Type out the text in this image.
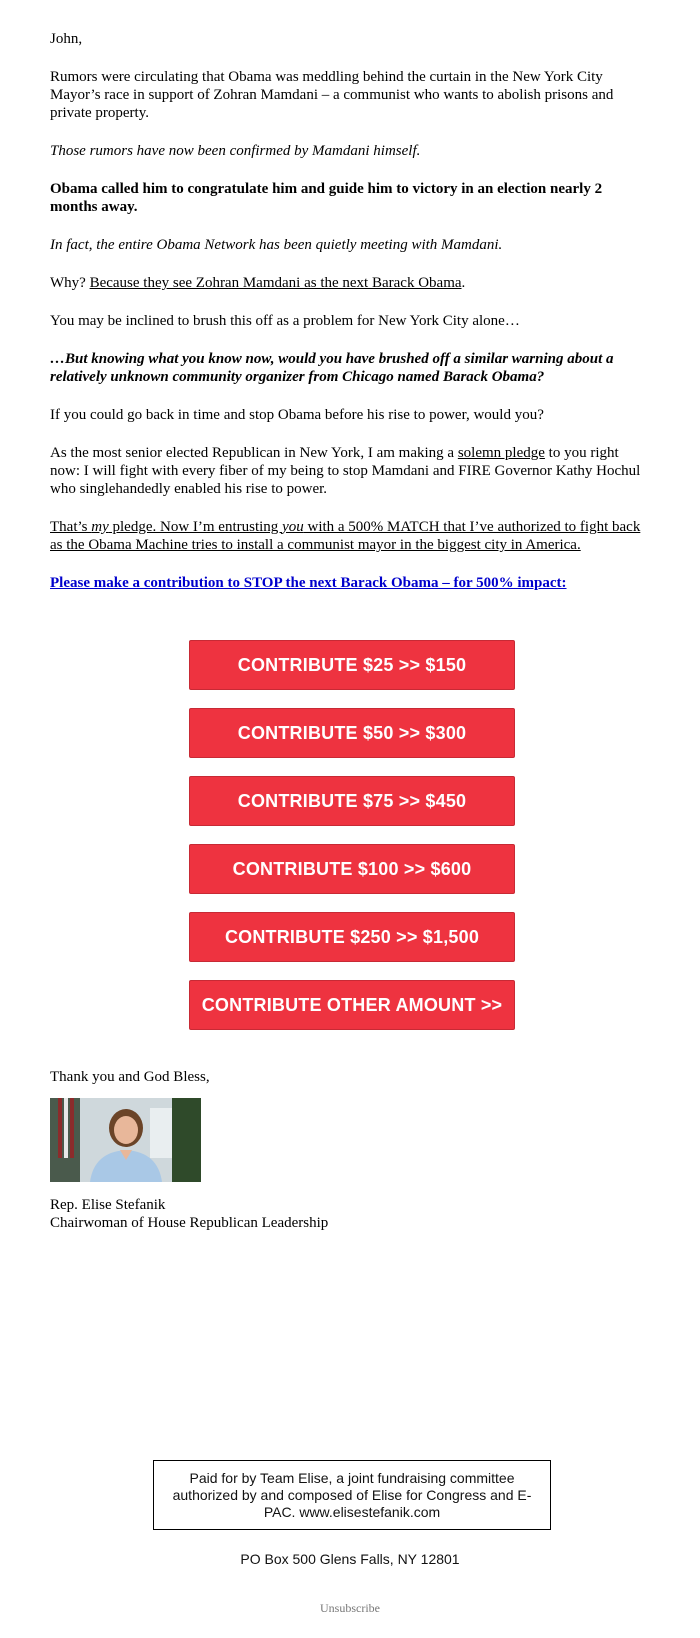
John,

Rumors were circulating that Obama was meddling behind the curtain in the New York City Mayor’s race in support of Zohran Mamdani – a communist who wants to abolish prisons and private property.

Those rumors have now been confirmed by Mamdani himself.

Obama called him to congratulate him and guide him to victory in an election nearly 2 months away.

In fact, the entire Obama Network has been quietly meeting with Mamdani.

Why? Because they see Zohran Mamdani as the next Barack Obama.

You may be inclined to brush this off as a problem for New York City alone…

…But knowing what you know now, would you have brushed off a similar warning about a relatively unknown community organizer from Chicago named Barack Obama?

If you could go back in time and stop Obama before his rise to power, would you?

As the most senior elected Republican in New York, I am making a solemn pledge to you right now: I will fight with every fiber of my being to stop Mamdani and FIRE Governor Kathy Hochul who singlehandedly enabled his rise to power.

That’s my pledge. Now I’m entrusting you with a 500% MATCH that I’ve authorized to fight back as the Obama Machine tries to install a communist mayor in the biggest city in America.

Please make a contribution to STOP the next Barack Obama – for 500% impact:

CONTRIBUTE $25 >> $150
CONTRIBUTE $50 >> $300
CONTRIBUTE $75 >> $450
CONTRIBUTE $100 >> $600
CONTRIBUTE $250 >> $1,500
CONTRIBUTE OTHER AMOUNT >>
Thank you and God Bless,
Rep. Elise Stefanik
Chairwoman of House Republican Leadership
Paid for by Team Elise, a joint fundraising committee authorized by and composed of Elise for Congress and E-PAC. www.elisestefanik.com
PO Box 500 Glens Falls, NY 12801
Unsubscribe
